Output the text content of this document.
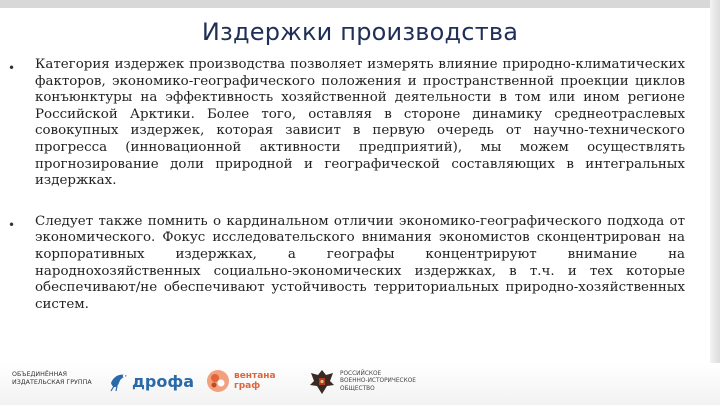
Издержки производства
• Категория издержек производства позволяет измерять влияние природно-климатических факторов, экономико-географического положения и пространственной проекции циклов конъюнктуры на эффективность хозяйственной деятельности в том или ином регионе Российской Арктики. Более того, оставляя в стороне динамику среднеотраслевых совокупных издержек, которая зависит в первую очередь от научно-технического прогресса (инновационной активности предприятий), мы можем осуществлять прогнозирование доли природной и географической составляющих в интегральных издержках.
• Следует также помнить о кардинальном отличии экономико-географического подхода от экономического. Фокус исследовательского внимания экономистов сконцентрирован на корпоративных издержках, а географы концентрируют внимание на народнохозяйственных социально-экономических издержках, в т.ч. и тех которые обеспечивают/не обеспечивают устойчивость территориальных природно-хозяйственных систем.
ОБЪЕДИНЁННАЯ
ИЗДАТЕЛЬСКАЯ ГРУППА	дрофа	вентана
граф
РОССИЙСКОЕ
ВОЕННО-ИСТОРИЧЕСКОЕ
ОБЩЕСТВО
